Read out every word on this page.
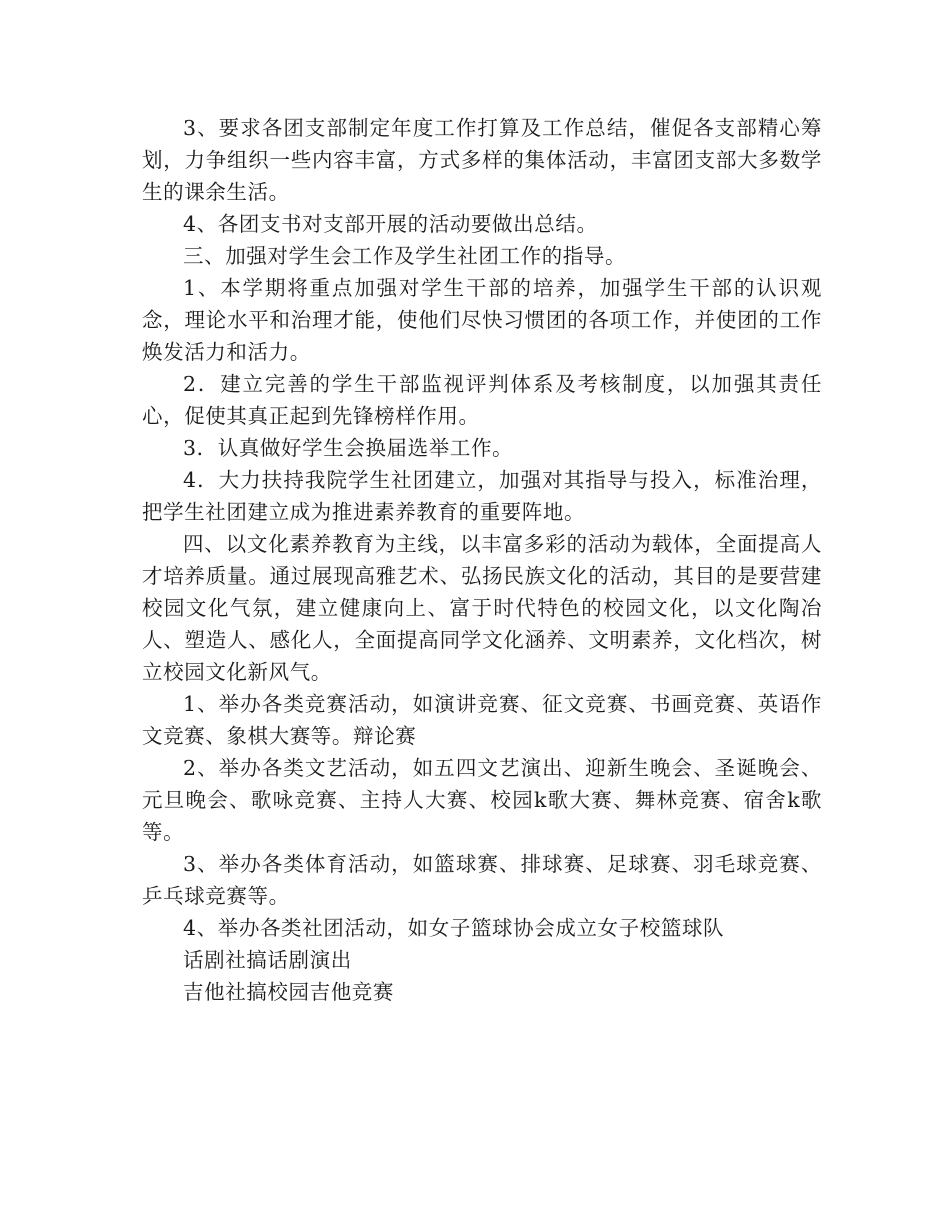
3、要求各团支部制定年度工作打算及工作总结，催促各支部精心筹划，力争组织一些内容丰富，方式多样的集体活动，丰富团支部大多数学生的课余生活。

4、各团支书对支部开展的活动要做出总结。

三、加强对学生会工作及学生社团工作的指导。

1、本学期将重点加强对学生干部的培养，加强学生干部的认识观念，理论水平和治理才能，使他们尽快习惯团的各项工作，并使团的工作焕发活力和活力。

2．建立完善的学生干部监视评判体系及考核制度，以加强其责任心，促使其真正起到先锋榜样作用。

3．认真做好学生会换届选举工作。

4．大力扶持我院学生社团建立，加强对其指导与投入，标准治理，把学生社团建立成为推进素养教育的重要阵地。

四、以文化素养教育为主线，以丰富多彩的活动为载体，全面提高人才培养质量。通过展现高雅艺术、弘扬民族文化的活动，其目的是要营建校园文化气氛，建立健康向上、富于时代特色的校园文化，以文化陶冶人、塑造人、感化人，全面提高同学文化涵养、文明素养，文化档次，树立校园文化新风气。

1、举办各类竞赛活动，如演讲竞赛、征文竞赛、书画竞赛、英语作文竞赛、象棋大赛等。辩论赛

2、举办各类文艺活动，如五四文艺演出、迎新生晚会、圣诞晚会、元旦晚会、歌咏竞赛、主持人大赛、校园k歌大赛、舞林竞赛、宿舍k歌等。

3、举办各类体育活动，如篮球赛、排球赛、足球赛、羽毛球竞赛、乒乓球竞赛等。

4、举办各类社团活动，如女子篮球协会成立女子校篮球队

话剧社搞话剧演出

吉他社搞校园吉他竞赛
